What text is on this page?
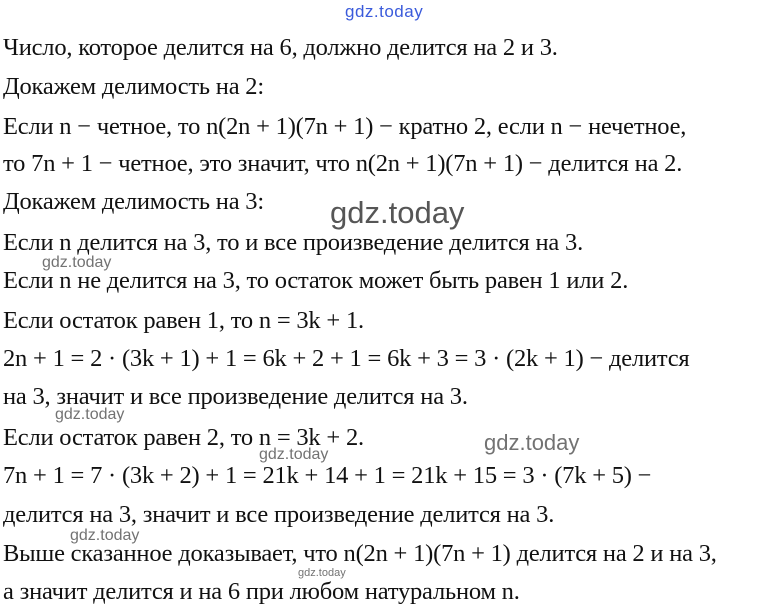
gdz.today
Число, которое делится на 6, должно делится на 2 и 3.
Докажем делимость на 2:
Если n − четное, то n(2n + 1)(7n + 1) − кратно 2, если n − нечетное,
то 7n + 1 − четное, это значит, что n(2n + 1)(7n + 1) − делится на 2.
Докажем делимость на 3:
Если n делится на 3, то и все произведение делится на 3.
Если n не делится на 3, то остаток может быть равен 1 или 2.
Если остаток равен 1, то n = 3k + 1.
2n + 1 = 2 · (3k + 1) + 1 = 6k + 2 + 1 = 6k + 3 = 3 · (2k + 1) − делится
на 3, значит и все произведение делится на 3.
Если остаток равен 2, то n = 3k + 2.
7n + 1 = 7 · (3k + 2) + 1 = 21k + 14 + 1 = 21k + 15 = 3 · (7k + 5) −
делится на 3, значит и все произведение делится на 3.
Выше сказанное доказывает, что n(2n + 1)(7n + 1) делится на 2 и на 3,
а значит делится и на 6 при любом натуральном n.
gdz.today
gdz.today
gdz.today
gdz.today
gdz.today
gdz.today
gdz.today
